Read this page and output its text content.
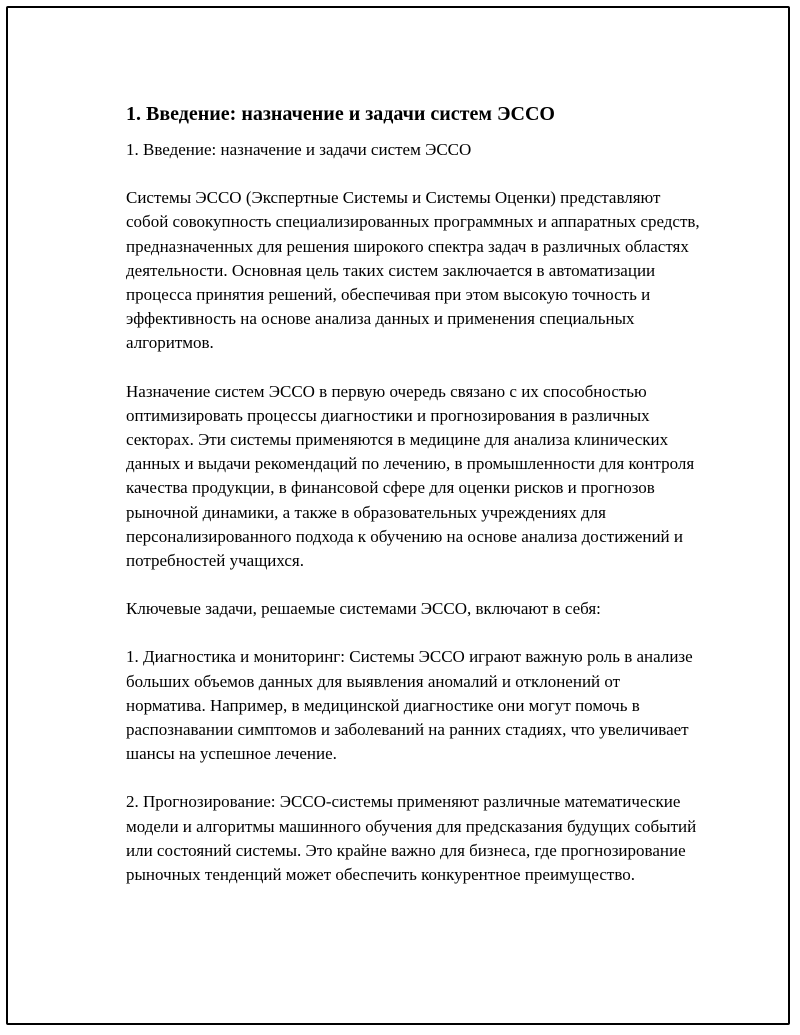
1. Введение: назначение и задачи систем ЭССО

1. Введение: назначение и задачи систем ЭССО

Системы ЭССО (Экспертные Системы и Системы Оценки) представляют собой совокупность специализированных программных и аппаратных средств, предназначенных для решения широкого спектра задач в различных областях деятельности. Основная цель таких систем заключается в автоматизации процесса принятия решений, обеспечивая при этом высокую точность и эффективность на основе анализа данных и применения специальных алгоритмов.

Назначение систем ЭССО в первую очередь связано с их способностью оптимизировать процессы диагностики и прогнозирования в различных секторах. Эти системы применяются в медицине для анализа клинических данных и выдачи рекомендаций по лечению, в промышленности для контроля качества продукции, в финансовой сфере для оценки рисков и прогнозов рыночной динамики, а также в образовательных учреждениях для персонализированного подхода к обучению на основе анализа достижений и потребностей учащихся.

Ключевые задачи, решаемые системами ЭССО, включают в себя:

1. Диагностика и мониторинг: Системы ЭССО играют важную роль в анализе больших объемов данных для выявления аномалий и отклонений от норматива. Например, в медицинской диагностике они могут помочь в распознавании симптомов и заболеваний на ранних стадиях, что увеличивает шансы на успешное лечение.

2. Прогнозирование: ЭССО-системы применяют различные математические модели и алгоритмы машинного обучения для предсказания будущих событий или состояний системы. Это крайне важно для бизнеса, где прогнозирование рыночных тенденций может обеспечить конкурентное преимущество.
